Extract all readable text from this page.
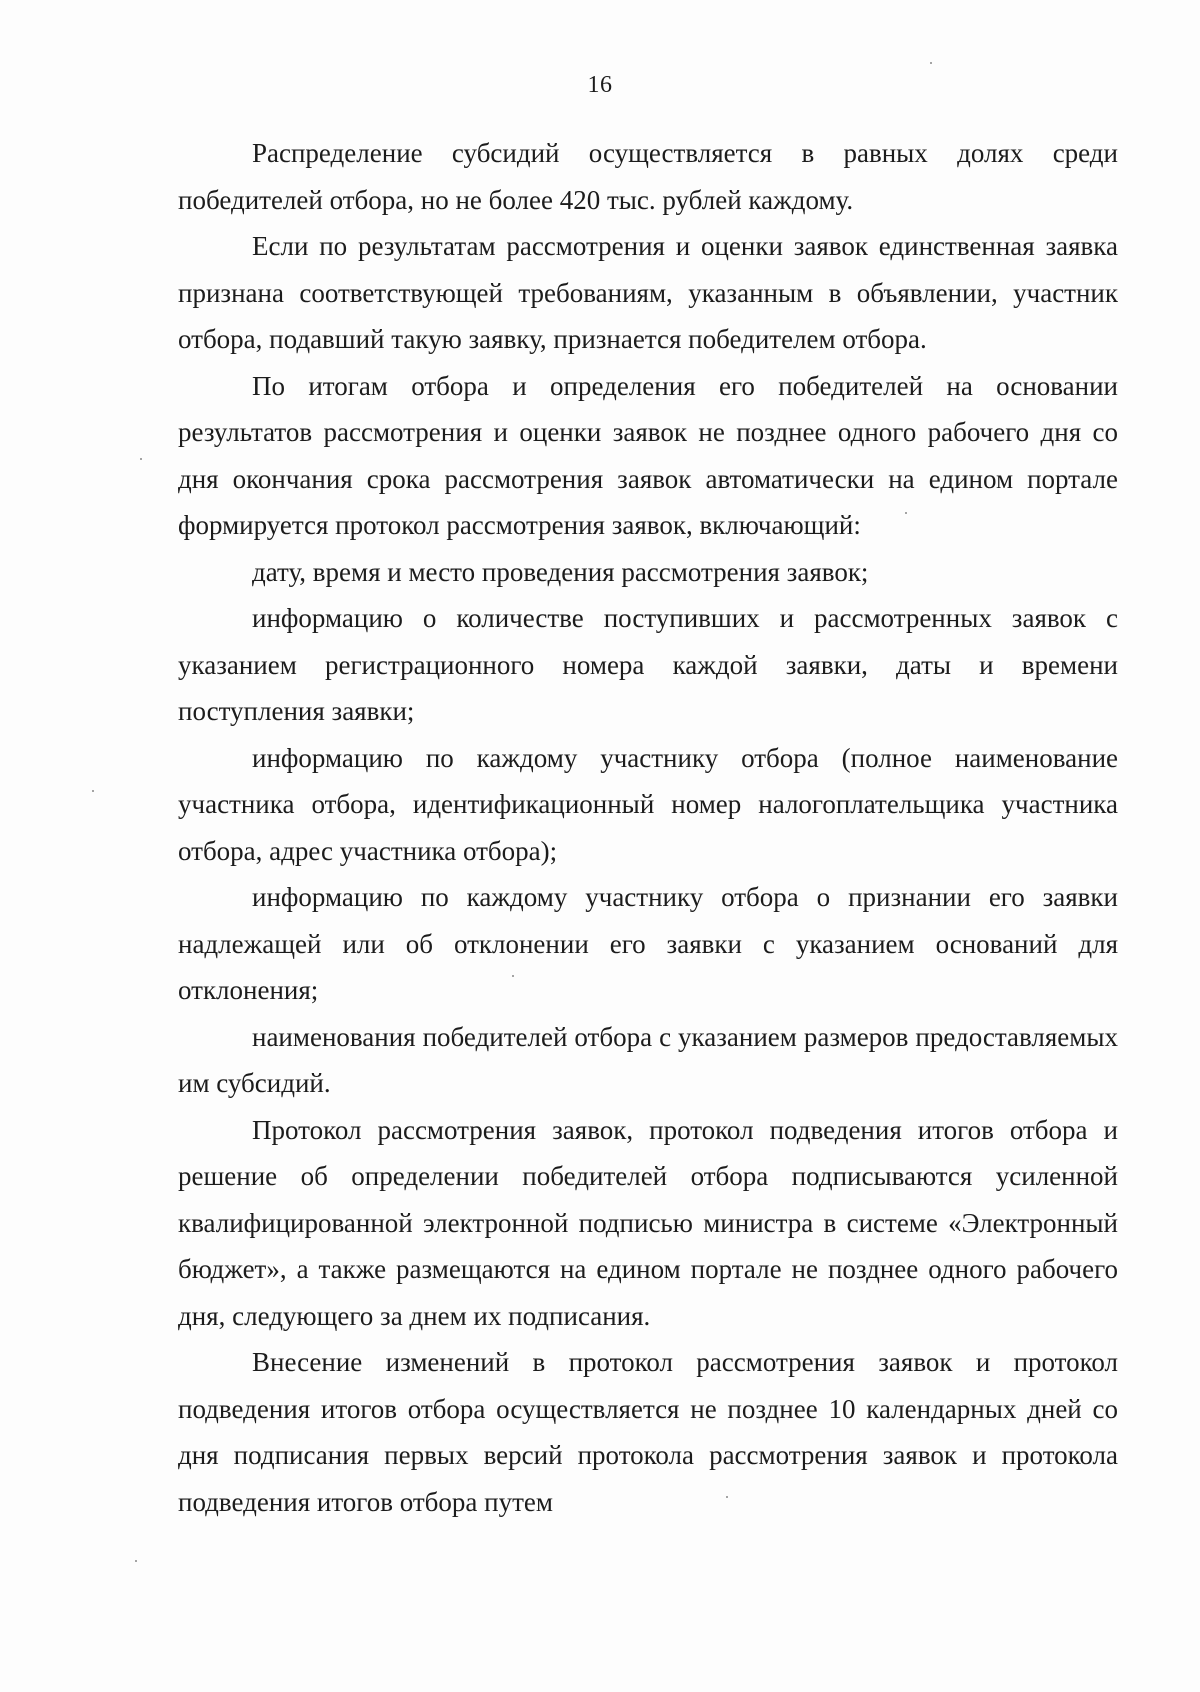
16

Распределение субсидий осуществляется в равных долях среди победителей отбора, но не более 420 тыс. рублей каждому.

Если по результатам рассмотрения и оценки заявок единственная заявка признана соответствующей требованиям, указанным в объявлении, участник отбора, подавший такую заявку, признается победителем отбора.

По итогам отбора и определения его победителей на основании результатов рассмотрения и оценки заявок не позднее одного рабочего дня со дня окончания срока рассмотрения заявок автоматически на едином портале формируется протокол рассмотрения заявок, включающий:

дату, время и место проведения рассмотрения заявок;

информацию о количестве поступивших и рассмотренных заявок с указанием регистрационного номера каждой заявки, даты и времени поступления заявки;

информацию по каждому участнику отбора (полное наименование участника отбора, идентификационный номер налогоплательщика участника отбора, адрес участника отбора);

информацию по каждому участнику отбора о признании его заявки надлежащей или об отклонении его заявки с указанием оснований для отклонения;

наименования победителей отбора с указанием размеров предоставляемых им субсидий.

Протокол рассмотрения заявок, протокол подведения итогов отбора и решение об определении победителей отбора подписываются усиленной квалифицированной электронной подписью министра в системе «Электронный бюджет», а также размещаются на едином портале не позднее одного рабочего дня, следующего за днем их подписания.

Внесение изменений в протокол рассмотрения заявок и протокол подведения итогов отбора осуществляется не позднее 10 календарных дней со дня подписания первых версий протокола рассмотрения заявок и протокола подведения итогов отбора путем
